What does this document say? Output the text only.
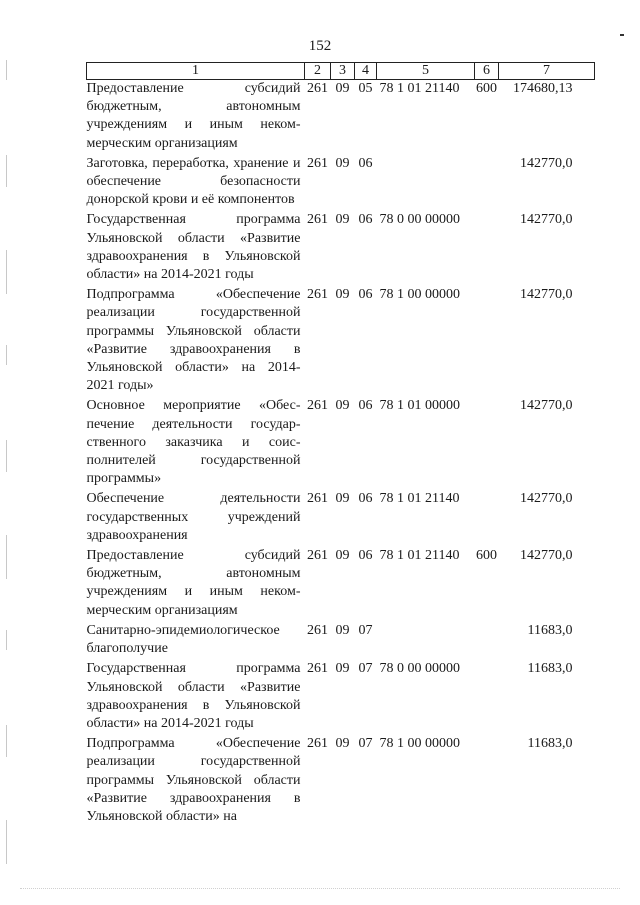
152
1	2	3	4	5	6	7
Предоставление субсидий бюджетным, автономным учреждениям и иным некоммерческим организациям	261	09	05	78 1 01 21140	600	174680,13

Заготовка, переработка, хранение и обеспечение безопасности донорской крови и её компонентов	261	09	06			142770,0

Государственная программа Ульяновской области «Развитие здравоохранения в Ульяновской области» на 2014-2021 годы	261	09	06	78 0 00 00000		142770,0

Подпрограмма «Обеспечение реализации государственной программы Ульяновской области «Развитие здравоохранения в Ульяновской области» на 2014-2021 годы»	261	09	06	78 1 00 00000		142770,0

Основное мероприятие «Обеспечение деятельности государственного заказчика и соисполнителей государственной программы»	261	09	06	78 1 01 00000		142770,0

Обеспечение деятельности государственных учреждений здравоохранения	261	09	06	78 1 01 21140		142770,0

Предоставление субсидий бюджетным, автономным учреждениям и иным некоммерческим организациям	261	09	06	78 1 01 21140	600	142770,0

Санитарно-эпидемиологическое благополучие	261	09	07			11683,0

Государственная программа Ульяновской области «Развитие здравоохранения в Ульяновской области» на 2014-2021 годы	261	09	07	78 0 00 00000		11683,0

Подпрограмма «Обеспечение реализации государственной программы Ульяновской области «Развитие здравоохранения в Ульяновской области» на	261	09	07	78 1 00 00000		11683,0
